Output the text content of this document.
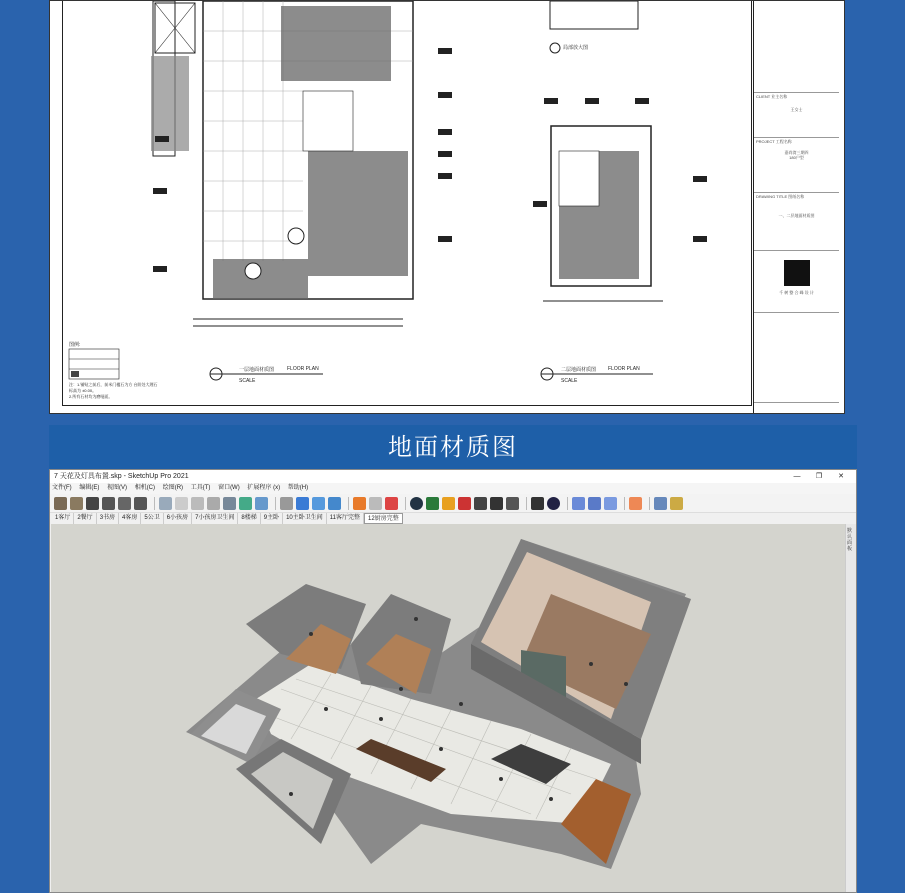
一层地面材质图	FLOOR PLAN
SCALE
二层地面材质图 FLOOR PLAN
SCALE
局部放大图
图例:
注：1.铺贴之前后，前米门槛石为方 台阶处大理石
标高为 ±0.00。
2.所有石材均为磨哑面。
CLIENT 业主名称
王女士
PROJECT 工程名称
嘉尚湾三期四
180户型
DRAWING TITLE 图纸名称
一、二层地面材质图
千 树 整 合 峰 设 计
地面材质图
7 天花及灯具布置.skp - SketchUp Pro 2021	— ❐ ✕
文件(F) 编辑(E) 视图(V) 相机(C) 绘图(R) 工具(T) 窗口(W) 扩展程序 (x) 帮助(H)
1客厅	2餐厅	3书房	4客房	5公卫	6小孩房	7小孩房卫生间	8楼梯	9主卧	10主卧卫生间	11客厅完整	12厨房完整
默认面板
